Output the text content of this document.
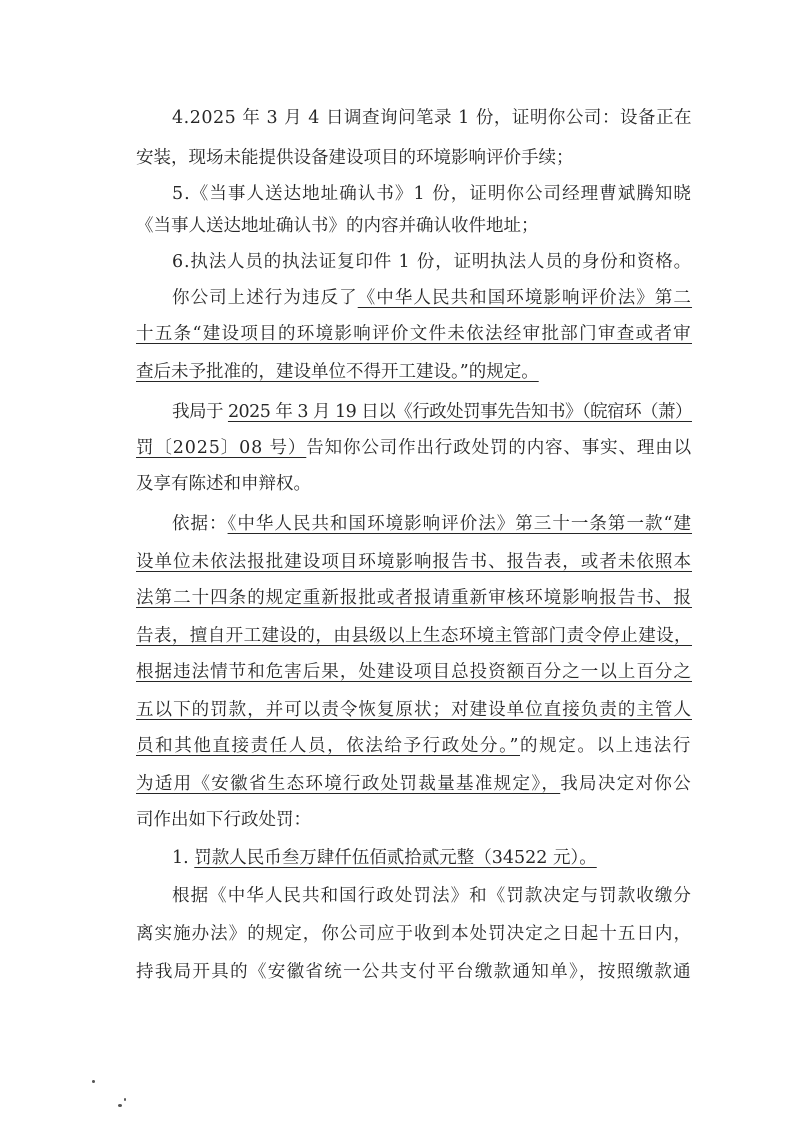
4.2025 年 3 月 4 日调查询问笔录 1 份，证明你公司：设备正在
安装，现场未能提供设备建设项目的环境影响评价手续；
5.《当事人送达地址确认书》1 份，证明你公司经理曹斌腾知晓
《当事人送达地址确认书》的内容并确认收件地址；
6.执法人员的执法证复印件 1 份，证明执法人员的身份和资格。
你公司上述行为违反了《中华人民共和国环境影响评价法》第二
十五条“建设项目的环境影响评价文件未依法经审批部门审查或者审
查后未予批准的，建设单位不得开工建设。”的规定。
我局于 2025 年 3 月 19 日以《行政处罚事先告知书》（皖宿环（萧）
罚〔2025〕08 号）告知你公司作出行政处罚的内容、事实、理由以
及享有陈述和申辩权。
依据：《中华人民共和国环境影响评价法》第三十一条第一款“建
设单位未依法报批建设项目环境影响报告书、报告表，或者未依照本
法第二十四条的规定重新报批或者报请重新审核环境影响报告书、报
告表，擅自开工建设的，由县级以上生态环境主管部门责令停止建设，
根据违法情节和危害后果，处建设项目总投资额百分之一以上百分之
五以下的罚款，并可以责令恢复原状；对建设单位直接负责的主管人
员和其他直接责任人员，依法给予行政处分。”的规定。以上违法行
为适用《安徽省生态环境行政处罚裁量基准规定》，我局决定对你公
司作出如下行政处罚：
1. 罚款人民币叁万肆仟伍佰贰拾贰元整（34522 元）。
根据《中华人民共和国行政处罚法》和《罚款决定与罚款收缴分
离实施办法》的规定，你公司应于收到本处罚决定之日起十五日内，
持我局开具的《安徽省统一公共支付平台缴款通知单》，按照缴款通
